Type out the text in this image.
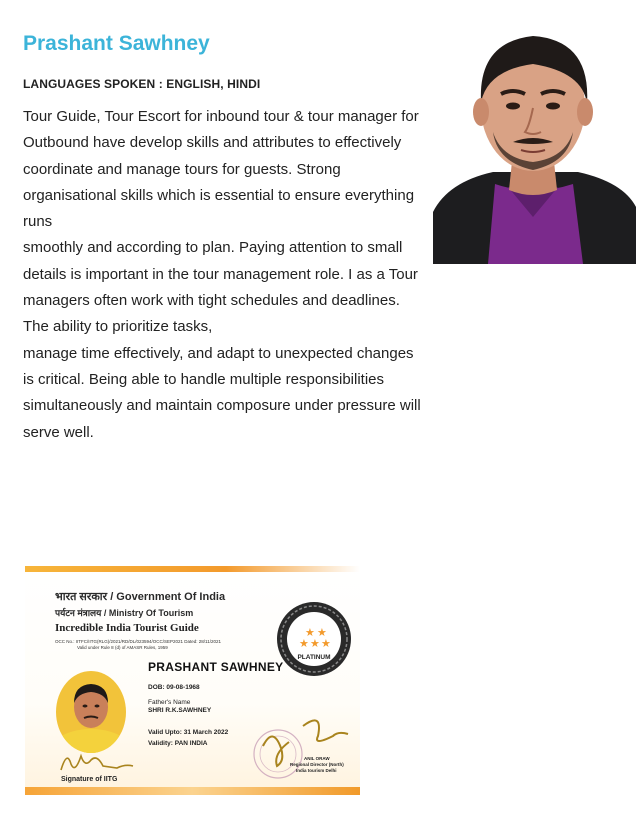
Prashant Sawhney
LANGUAGES SPOKEN : ENGLISH, HINDI

Tour Guide, Tour Escort for inbound tour & tour manager for Outbound have develop skills and attributes to effectively coordinate and manage tours for guests. Strong organisational skills which is essential to ensure everything runs

smoothly and according to plan. Paying attention to small details is important in the tour management role. I as a Tour managers often work with tight schedules and deadlines. The ability to prioritize tasks,

manage time effectively, and adapt to unexpected changes is critical. Being able to handle multiple responsibilities simultaneously and maintain composure under pressure will serve well.

भारत सरकार / Government Of India
पर्यटन मंत्रालय / Ministry Of Tourism
Incredible India Tourist Guide
OCC No.: IITFC/IITG(RLG)/2021/RD/DL/023594/OCC/SEP2021 Dated: 28/11/2021
Valid under Rule 8 (d) of AMASR Rules, 1959
★ ★
★ ★ ★
PLATINUM
PRASHANT SAWHNEY
DOB: 09-08-1968
Father's Name
SHRI R.K.SAWHNEY
Valid Upto: 31 March 2022
Validity: PAN INDIA
Signature of IITG
ANIL ORAW
Regional Director (North)
India tourism Delhi
